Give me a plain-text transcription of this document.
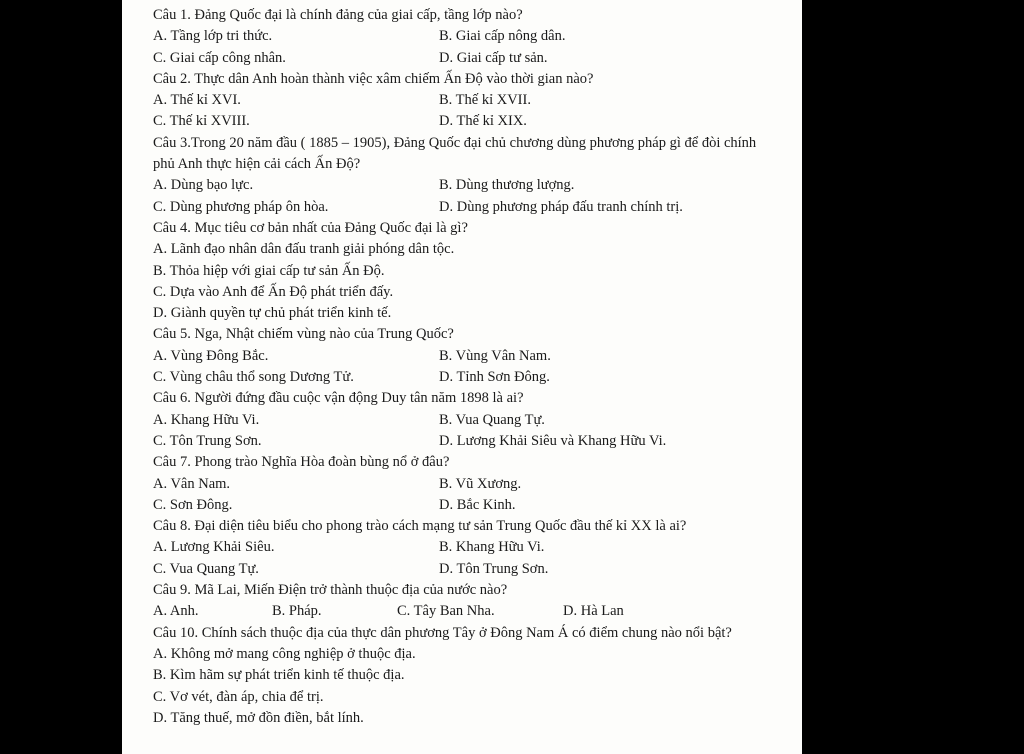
Câu 1. Đảng Quốc đại là chính đảng của giai cấp, tầng lớp nào?
A. Tầng lớp tri thức.	B. Giai cấp nông dân.
C. Giai cấp công nhân.	D. Giai cấp tư sản.
Câu 2. Thực dân Anh hoàn thành việc xâm chiếm Ấn Độ vào thời gian nào?
A. Thế kỉ XVI.	B. Thế kỉ XVII.
C. Thế kỉ XVIII.	D. Thế kỉ XIX.
Câu 3.Trong 20 năm đầu ( 1885 – 1905), Đảng Quốc đại chủ chương dùng phương pháp gì để đòi chính phủ Anh thực hiện cải cách Ấn Độ?
A. Dùng bạo lực.	B. Dùng thương lượng.
C. Dùng phương pháp ôn hòa.	D. Dùng phương pháp đấu tranh chính trị.
Câu 4. Mục tiêu cơ bản nhất của Đảng Quốc đại là gì?
A. Lãnh đạo nhân dân đấu tranh giải phóng dân tộc.
B. Thỏa hiệp với giai cấp tư sản Ấn Độ.
C. Dựa vào Anh để Ấn Độ phát triển đấy.
D. Giành quyền tự chủ phát triển kinh tế.
Câu 5. Nga, Nhật chiếm vùng nào của Trung Quốc?
A. Vùng Đông Bắc.	B. Vùng Vân Nam.
C. Vùng châu thổ song Dương Tử.	D. Tỉnh Sơn Đông.
Câu 6. Người đứng đầu cuộc vận động Duy tân năm 1898 là ai?
A. Khang Hữu Vi.	B. Vua Quang Tự.
C. Tôn Trung Sơn.	D. Lương Khải Siêu và Khang Hữu Vi.
Câu 7. Phong trào Nghĩa Hòa đoàn bùng nổ ở đâu?
A. Vân Nam.	B. Vũ Xương.
C. Sơn Đông.	D. Bắc Kinh.
Câu 8. Đại diện tiêu biểu cho phong trào cách mạng tư sản Trung Quốc đầu thế kỉ XX là ai?
A. Lương Khải Siêu.	B. Khang Hữu Vi.
C. Vua Quang Tự.	D. Tôn Trung Sơn.
Câu 9. Mã Lai, Miến Điện trở thành thuộc địa của nước nào?
A. Anh.	B. Pháp.	C. Tây Ban Nha.	D. Hà Lan
Câu 10. Chính sách thuộc địa của thực dân phương Tây ở Đông Nam Á có điểm chung nào nổi bật?
A. Không mở mang công nghiệp ở thuộc địa.
B. Kìm hãm sự phát triển kinh tế thuộc địa.
C. Vơ vét, đàn áp, chia để trị.
D. Tăng thuế, mở đồn điền, bắt lính.
